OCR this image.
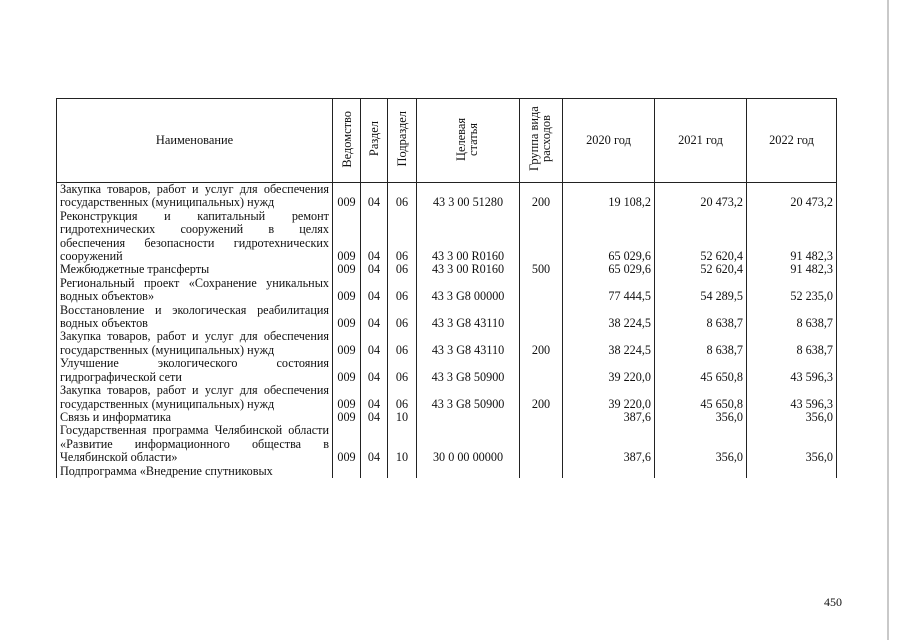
Наименование	Ведомство	Раздел	Подраздел	Целевая статья	Группа вида расходов	2020 год	2021 год	2022 год
Закупка товаров, работ и услуг для обеспечения государственных (муниципальных) нужд	009	04	06	43 3 00 51280	200	19 108,2	20 473,2	20 473,2
Реконструкция и капитальный ремонт гидротехнических сооружений в целях обеспечения безопасности гидротехнических сооружений	009	04	06	43 3 00 R0160		65 029,6	52 620,4	91 482,3
Межбюджетные трансферты	009	04	06	43 3 00 R0160	500	65 029,6	52 620,4	91 482,3
Региональный проект «Сохранение уникальных водных объектов»	009	04	06	43 3 G8 00000		77 444,5	54 289,5	52 235,0
Восстановление и экологическая реабилитация водных объектов	009	04	06	43 3 G8 43110		38 224,5	8 638,7	8 638,7
Закупка товаров, работ и услуг для обеспечения государственных (муниципальных) нужд	009	04	06	43 3 G8 43110	200	38 224,5	8 638,7	8 638,7
Улучшение экологического состояния гидрографической сети	009	04	06	43 3 G8 50900		39 220,0	45 650,8	43 596,3
Закупка товаров, работ и услуг для обеспечения государственных (муниципальных) нужд	009	04	06	43 3 G8 50900	200	39 220,0	45 650,8	43 596,3
Связь и информатика	009	04	10			387,6	356,0	356,0
Государственная программа Челябинской области «Развитие информационного общества в Челябинской области»	009	04	10	30 0 00 00000		387,6	356,0	356,0
Подпрограмма «Внедрение спутниковых								
450
